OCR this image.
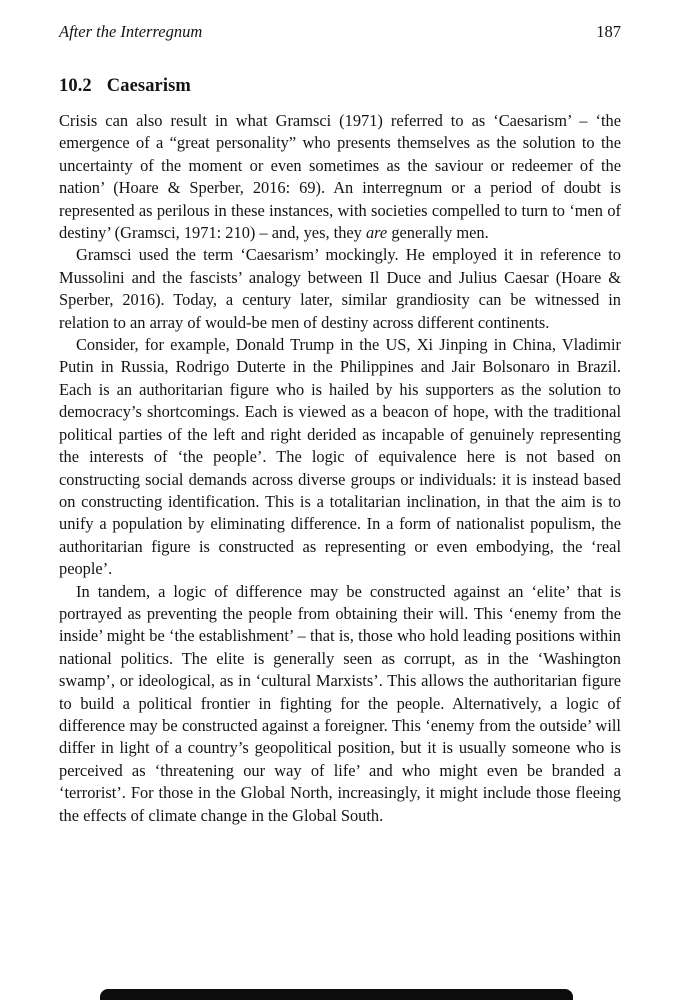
After the Interregnum	187
10.2 Caesarism

Crisis can also result in what Gramsci (1971) referred to as ‘Caesarism’ – ‘the emergence of a “great personality” who presents themselves as the solution to the uncertainty of the moment or even sometimes as the saviour or redeemer of the nation’ (Hoare & Sperber, 2016: 69). An interregnum or a period of doubt is represented as perilous in these instances, with societies compelled to turn to ‘men of destiny’ (Gramsci, 1971: 210) – and, yes, they are generally men.

Gramsci used the term ‘Caesarism’ mockingly. He employed it in reference to Mussolini and the fascists’ analogy between Il Duce and Julius Caesar (Hoare & Sperber, 2016). Today, a century later, similar grandiosity can be witnessed in relation to an array of would-be men of destiny across different continents.

Consider, for example, Donald Trump in the US, Xi Jinping in China, Vladimir Putin in Russia, Rodrigo Duterte in the Philippines and Jair Bolsonaro in Brazil. Each is an authoritarian figure who is hailed by his supporters as the solution to democracy’s shortcomings. Each is viewed as a beacon of hope, with the traditional political parties of the left and right derided as incapable of genuinely representing the interests of ‘the people’. The logic of equivalence here is not based on constructing social demands across diverse groups or individuals: it is instead based on constructing identification. This is a totalitarian inclination, in that the aim is to unify a population by eliminating difference. In a form of nationalist populism, the authoritarian figure is constructed as representing or even embodying, the ‘real people’.

In tandem, a logic of difference may be constructed against an ‘elite’ that is portrayed as preventing the people from obtaining their will. This ‘enemy from the inside’ might be ‘the establishment’ – that is, those who hold leading positions within national politics. The elite is generally seen as corrupt, as in the ‘Washington swamp’, or ideological, as in ‘cultural Marxists’. This allows the authoritarian figure to build a political frontier in fighting for the people. Alternatively, a logic of difference may be constructed against a foreigner. This ‘enemy from the outside’ will differ in light of a country’s geopolitical position, but it is usually someone who is perceived as ‘threatening our way of life’ and who might even be branded a ‘terrorist’. For those in the Global North, increasingly, it might include those fleeing the effects of climate change in the Global South.
